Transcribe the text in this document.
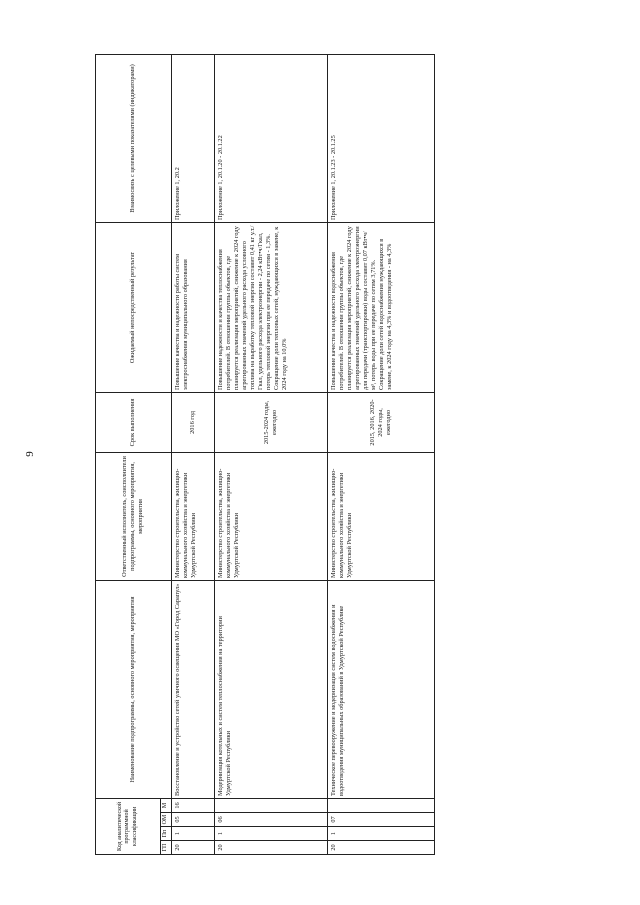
9
Код аналитической программной классификации				Наименование подпрограммы, основного мероприятия, мероприятия	Ответственный исполнитель, соисполнители подпрограммы, основного мероприятия, мероприятия	Срок выполнения	Ожидаемый непосредственный результат	Взаимосвязь с целевыми показателями (индикаторами)
ГП	Пп	ОМ	М					
20	1	05	16	Восстановление и устройство сетей уличного освещения МО «Город Сарапул»	Министерство строительства, жилищно-коммунального хозяйства и энергетики Удмуртской Республики	2016 год	Повышение качества и надежности работы систем электроснабжения муниципального образования	Приложение 1, 20.2
20	1	06		Модернизация котельных и систем теплоснабжения на территории Удмуртской Республики	Министерство строительства, жилищно-коммунального хозяйства и энергетики Удмуртской Республики	2015-2024 годы, ежегодно	Повышение надежности и качества теплоснабжения потребителей. В отношении группы объектов, где планируется реализация мероприятий, снижение к 2024 году агрегированных значений удельного расхода условного топлива на выработку тепловой энергии составит 0,41 кг у.т./Гкал, удельного расхода электроэнергии - 2,24 кВт•ч/Гкал, потерь тепловой энергии при ее передаче по сетям - 1,3%. Сокращение доли тепловых сетей, нуждающихся в замене, к 2024 году на 10,0%	Приложение 1, 20.1.20 - 20.1.22
20	1	07		Техническое перевооружение и модернизация систем водоснабжения и водоотведения муниципальных образований в Удмуртской Республике	Министерство строительства, жилищно-коммунального хозяйства и энергетики Удмуртской Республики	2015, 2016, 2020-2024 годы, ежегодно	Повышение качества и надежности водоснабжения потребителей. В отношении группы объектов, где планируется реализация мероприятий, снижение к 2024 году агрегированных значений удельного расхода электроэнергии для передачи (транспортировки) воды составит 0,07 кВт•ч/м³, потерь воды при ее передаче по сетям 3,71%. Сокращение доли сетей водоснабжения нуждающихся в замене, к 2024 году на 4,3% и водоотведения - на 4,3%	Приложение 1, 20.1.23 - 20.1.25
